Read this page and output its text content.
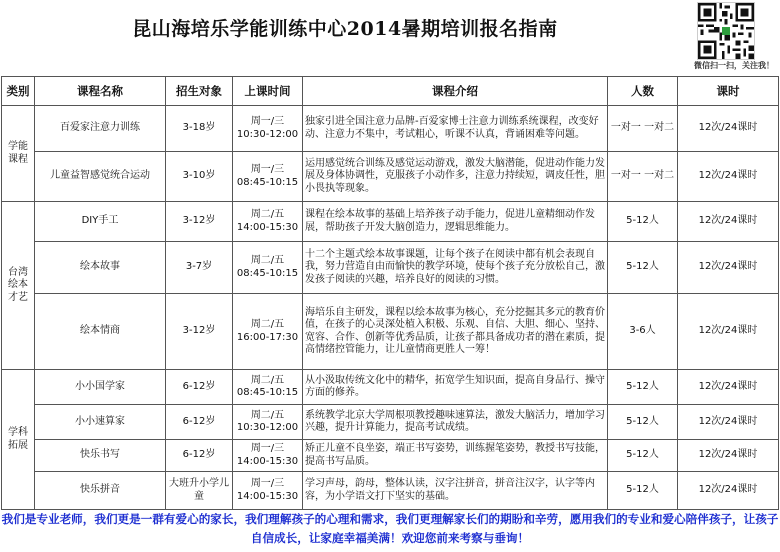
昆山海培乐学能训练中心2014暑期培训报名指南
微信扫一扫，关注我！
类别	课程名称	招生对象	上课时间	课程介绍	人数	课时
学能课程	百爱家注意力训练	3-18岁	周一/三
10:30-12:00	独家引进全国注意力品牌-百爱家博士注意力训练系统课程，改变好动、注意力不集中，考试粗心，听课不认真，背诵困难等问题。	一对一 一对二	12次/24课时
	儿童益智感觉统合运动	3-10岁	周一/三
08:45-10:15	运用感觉统合训练及感觉运动游戏，激发大脑潜能，促进动作能力发展及身体协调性，克服孩子小动作多，注意力持续短，调皮任性，胆小畏执等现象。	一对一 一对二	12次/24课时
台湾绘本才艺	DIY手工	3-12岁	周二/五
14:00-15:30	课程在绘本故事的基础上培养孩子动手能力，促进儿童精细动作发展，帮助孩子开发大脑创造力，逻辑思维能力。	5-12人	12次/24课时
	绘本故事	3-7岁	周二/五
08:45-10:15	十二个主题式绘本故事课题，让每个孩子在阅读中都有机会表现自我，努力营造自由而愉快的教学环境，使每个孩子充分放松自己，激发孩子阅读的兴趣，培养良好的阅读的习惯。	5-12人	12次/24课时
	绘本情商	3-12岁	周二/五
16:00-17:30	海培乐自主研发，课程以绘本故事为核心，充分挖掘其多元的教育价值，在孩子的心灵深处植入积极、乐观、自信、大胆、细心、坚持、宽容、合作、创新等优秀品质，让孩子都具备成功者的潜在素质，提高情绪控管能力，让儿童情商更胜人一筹！	3-6人	12次/24课时
学科拓展	小小国学家	6-12岁	周二/五
08:45-10:15	从小汲取传统文化中的精华，拓宽学生知识面，提高自身品行、操守方面的修养。	5-12人	12次/24课时
	小小速算家	6-12岁	周二/五
10:30-12:00	系统教学北京大学周根项教授趣味速算法，激发大脑活力，增加学习兴趣，提升计算能力，提高考试成绩。	5-12人	12次/24课时
	快乐书写	6-12岁	周一/三
14:00-15:30	矫正儿童不良坐姿，端正书写姿势，训练握笔姿势，教授书写技能，提高书写品质。	5-12人	12次/24课时
	快乐拼音	大班升小学儿童	周一/三
14:00-15:30	学习声母，韵母，整体认读，汉字注拼音，拼音注汉字，认字等内容，为小学语文打下坚实的基础。	5-12人	12次/24课时
我们是专业老师，我们更是一群有爱心的家长，我们理解孩子的心理和需求，我们更理解家长们的期盼和辛劳，愿用我们的专业和爱心陪伴孩子，让孩子自信成长，让家庭幸福美满！欢迎您前来考察与垂询！
